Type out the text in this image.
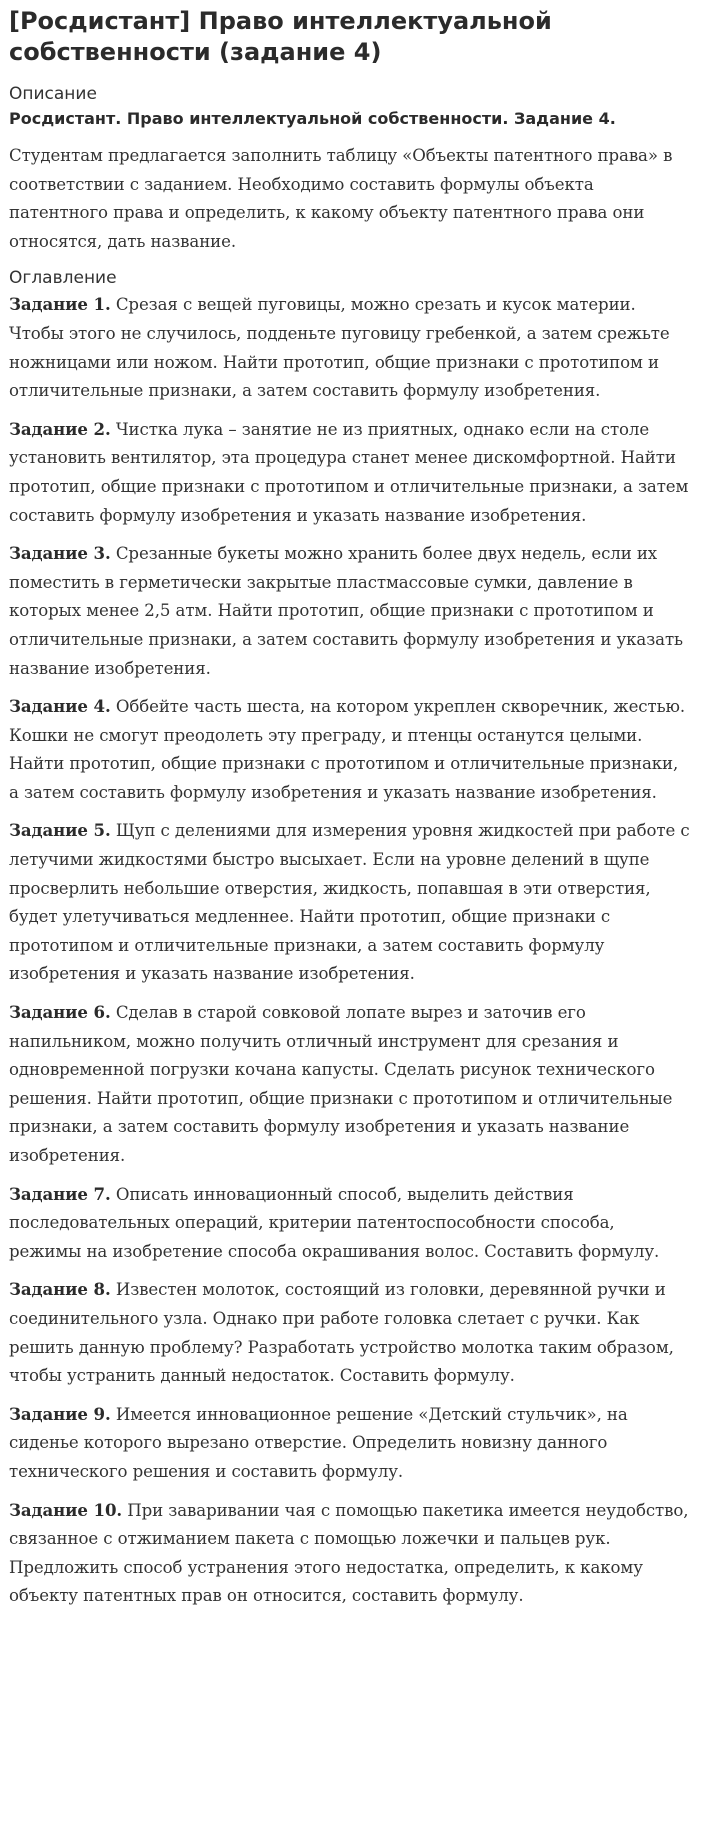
[Росдистант] Право интеллектуальной собственности (задание 4)
Описание
Росдистант. Право интеллектуальной собственности. Задание 4.

Студентам предлагается заполнить таблицу «Объекты патентного права» в соответствии с заданием. Необходимо составить формулы объекта патентного права и определить, к какому объекту патентного права они относятся, дать название.

Оглавление

Задание 1. Срезая с вещей пуговицы, можно срезать и кусок материи. Чтобы этого не случилось, подденьте пуговицу гребенкой, а затем срежьте ножницами или ножом. Найти прототип, общие признаки с прототипом и отличительные признаки, а затем составить формулу изобретения.

Задание 2. Чистка лука – занятие не из приятных, однако если на столе установить вентилятор, эта процедура станет менее дискомфортной. Найти прототип, общие признаки с прототипом и отличительные признаки, а затем составить формулу изобретения и указать название изобретения.

Задание 3. Срезанные букеты можно хранить более двух недель, если их поместить в герметически закрытые пластмассовые сумки, давление в которых менее 2,5 атм. Найти прототип, общие признаки с прототипом и отличительные признаки, а затем составить формулу изобретения и указать название изобретения.

Задание 4. Оббейте часть шеста, на котором укреплен скворечник, жестью. Кошки не смогут преодолеть эту преграду, и птенцы останутся целыми. Найти прототип, общие признаки с прототипом и отличительные признаки, а затем составить формулу изобретения и указать название изобретения.

Задание 5. Щуп с делениями для измерения уровня жидкостей при работе с летучими жидкостями быстро высыхает. Если на уровне делений в щупе просверлить небольшие отверстия, жидкость, попавшая в эти отверстия, будет улетучиваться медленнее. Найти прототип, общие признаки с прототипом и отличительные признаки, а затем составить формулу изобретения и указать название изобретения.

Задание 6. Сделав в старой совковой лопате вырез и заточив его напильником, можно получить отличный инструмент для срезания и одновременной погрузки кочана капусты. Сделать рисунок технического решения. Найти прототип, общие признаки с прототипом и отличительные признаки, а затем составить формулу изобретения и указать название изобретения.

Задание 7. Описать инновационный способ, выделить действия последовательных операций, критерии патентоспособности способа, режимы на изобретение способа окрашивания волос. Составить формулу.

Задание 8. Известен молоток, состоящий из головки, деревянной ручки и соединительного узла. Однако при работе головка слетает с ручки. Как решить данную проблему? Разработать устройство молотка таким образом, чтобы устранить данный недостаток. Составить формулу.

Задание 9. Имеется инновационное решение «Детский стульчик», на сиденье которого вырезано отверстие. Определить новизну данного технического решения и составить формулу.

Задание 10. При заваривании чая с помощью пакетика имеется неудобство, связанное с отжиманием пакета с помощью ложечки и пальцев рук. Предложить способ устранения этого недостатка, определить, к какому объекту патентных прав он относится, составить формулу.
